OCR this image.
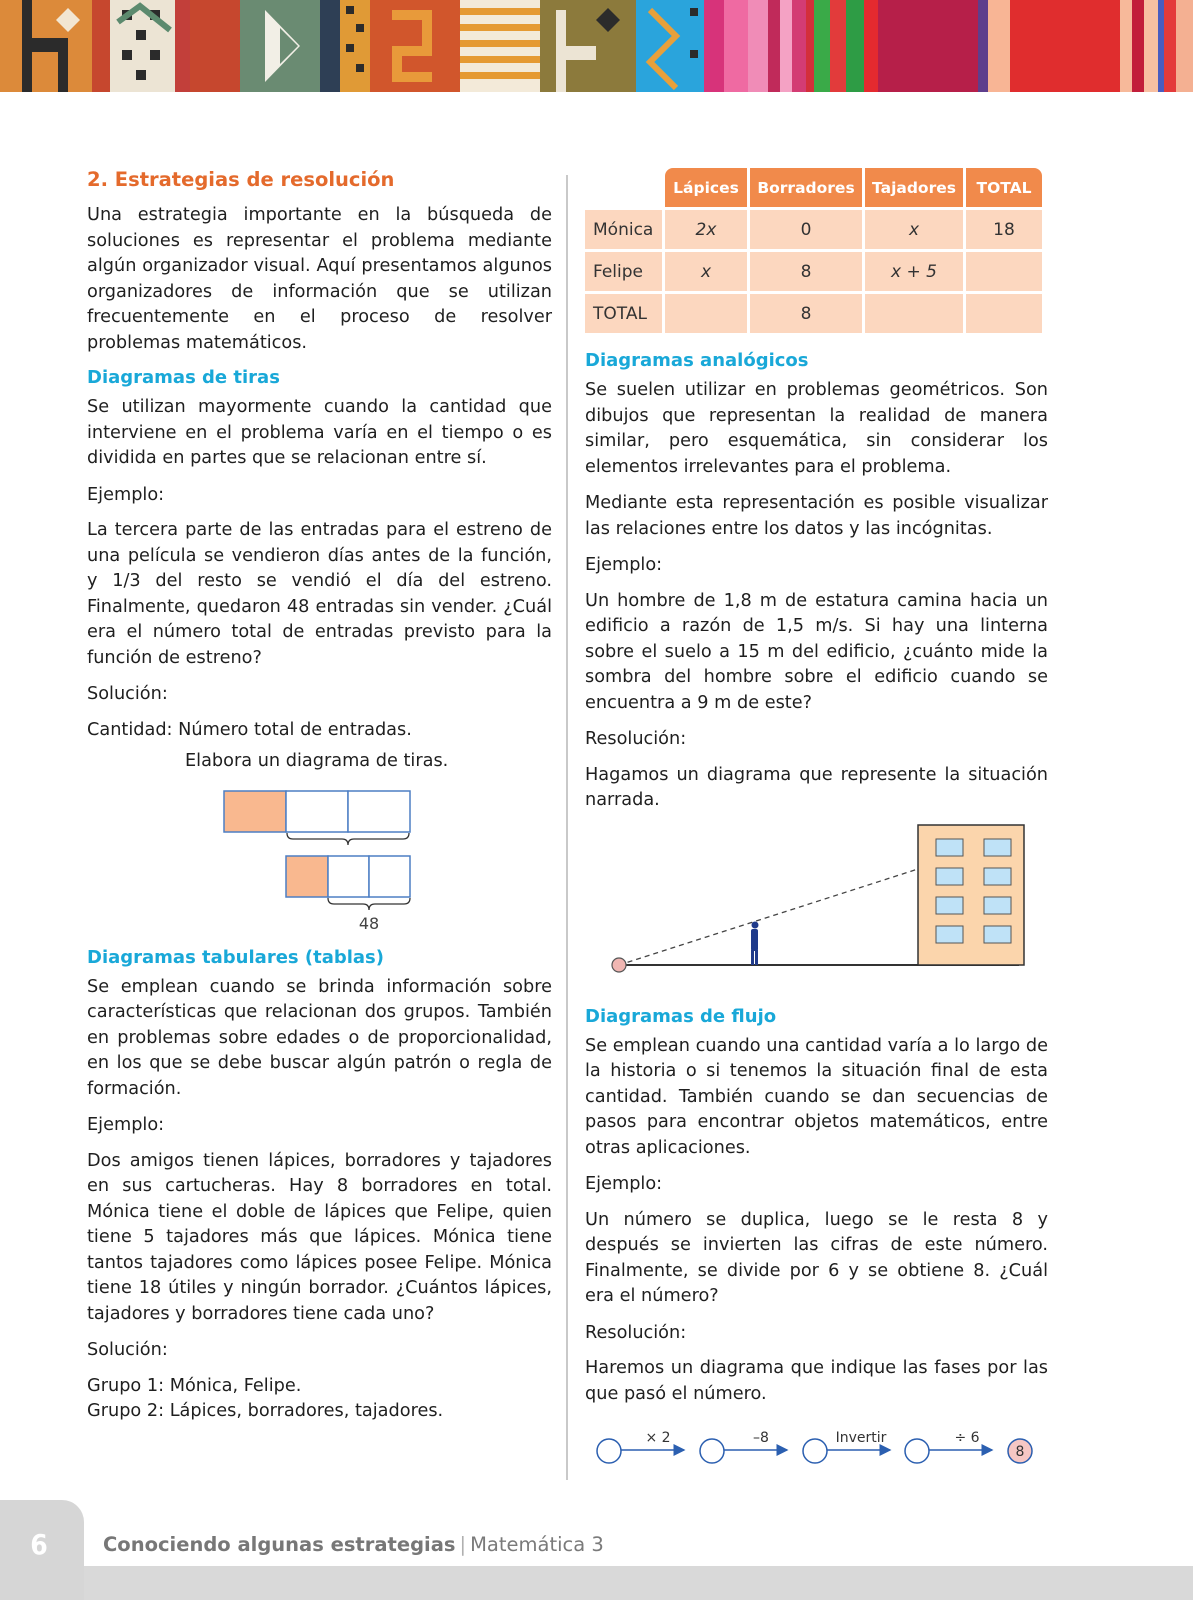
2. Estrategias de resolución

Una estrategia importante en la búsqueda de soluciones es representar el problema mediante algún organizador visual. Aquí presentamos algunos organizadores de información que se utilizan frecuentemente en el proceso de resolver problemas matemáticos.

Diagramas de tiras

Se utilizan mayormente cuando la cantidad que interviene en el problema varía en el tiempo o es dividida en partes que se relacionan entre sí.

Ejemplo:

La tercera parte de las entradas para el estreno de una película se vendieron días antes de la función, y 1/3 del resto se vendió el día del estreno. Finalmente, quedaron 48 entradas sin vender. ¿Cuál era el número total de entradas previsto para la función de estreno?

Solución:

Cantidad: Número total de entradas.

Elabora un diagrama de tiras.

48
Diagramas tabulares (tablas)

Se emplean cuando se brinda información sobre características que relacionan dos grupos. También en problemas sobre edades o de proporcionalidad, en los que se debe buscar algún patrón o regla de formación.

Ejemplo:

Dos amigos tienen lápices, borradores y tajadores en sus cartucheras. Hay 8 borradores en total. Mónica tiene el doble de lápices que Felipe, quien tiene 5 tajadores más que lápices. Mónica tiene tantos tajadores como lápices posee Felipe. Mónica tiene 18 útiles y ningún borrador. ¿Cuántos lápices, tajadores y borradores tiene cada uno?

Solución:

Grupo 1: Mónica, Felipe.

Grupo 2: Lápices, borradores, tajadores.

	Lápices	Borradores	Tajadores	TOTAL
Mónica	2x	0	x	18
Felipe	x	8	x + 5	
TOTAL		8		
Diagramas analógicos

Se suelen utilizar en problemas geométricos. Son dibujos que representan la realidad de manera similar, pero esquemática, sin considerar los elementos irrelevantes para el problema.

Mediante esta representación es posible visualizar las relaciones entre los datos y las incógnitas.

Ejemplo:

Un hombre de 1,8 m de estatura camina hacia un edificio a razón de 1,5 m/s. Si hay una linterna sobre el suelo a 15 m del edificio, ¿cuánto mide la sombra del hombre sobre el edificio cuando se encuentra a 9 m de este?

Resolución:

Hagamos un diagrama que represente la situación narrada.

Diagramas de flujo

Se emplean cuando una cantidad varía a lo largo de la historia o si tenemos la situación final de esta cantidad. También cuando se dan secuencias de pasos para encontrar objetos matemáticos, entre otras aplicaciones.

Ejemplo:

Un número se duplica, luego se le resta 8 y después se invierten las cifras de este número. Finalmente, se divide por 6 y se obtiene 8. ¿Cuál era el número?

Resolución:

Haremos un diagrama que indique las fases por las que pasó el número.

× 2	–8	Invertir	÷ 6
8
6	Conociendo algunas estrategias | Matemática 3
